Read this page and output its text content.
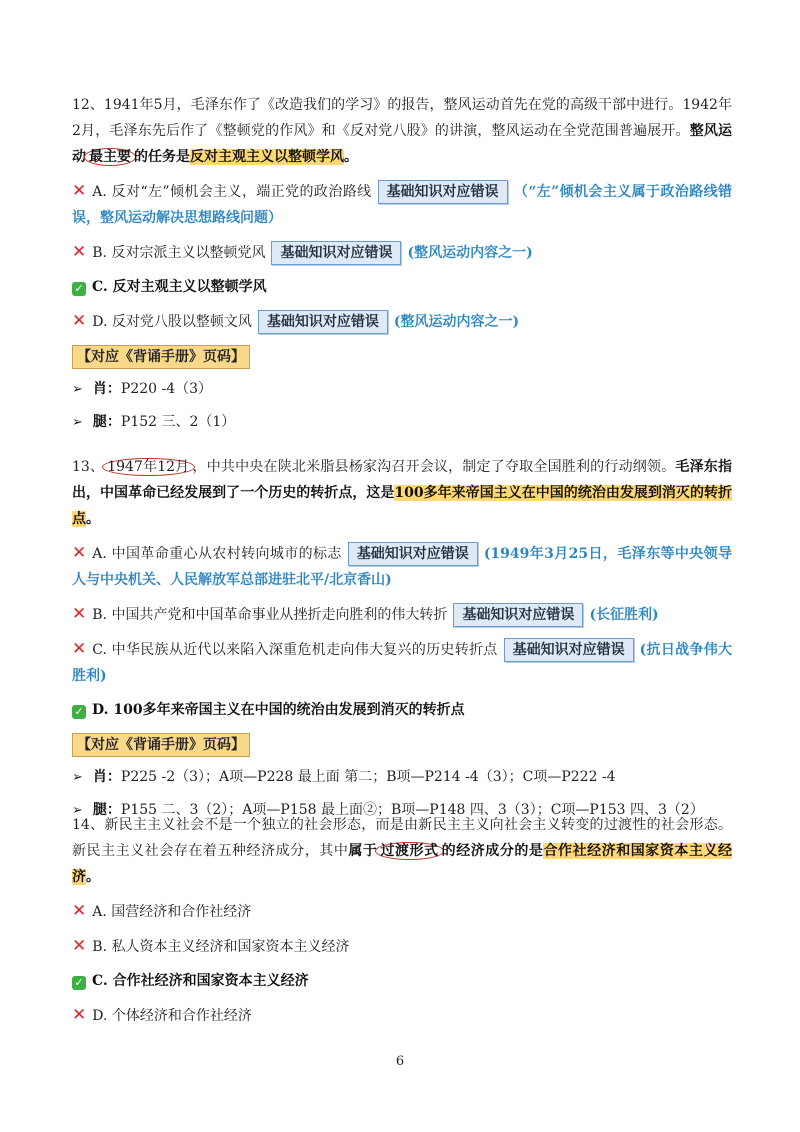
12、1941年5月，毛泽东作了《改造我们的学习》的报告，整风运动首先在党的高级干部中进行。1942年2月，毛泽东先后作了《整顿党的作风》和《反对党八股》的讲演，整风运动在全党范围普遍展开。整风运动 最主要 的任务是反对主观主义以整顿学风。

✕ A. 反对“左”倾机会主义，端正党的政治路线 基础知识对应错误 （“左”倾机会主义属于政治路线错误，整风运动解决思想路线问题）
✕ B. 反对宗派主义以整顿党风 基础知识对应错误 (整风运动内容之一)
✓ C. 反对主观主义以整顿学风
✕ D. 反对党八股以整顿文风 基础知识对应错误 (整风运动内容之一)
【对应《背诵手册》页码】
➢ 肖：P220 -4（3）
➢ 腿：P152 三、2（1）

13、 1947年12月 ，中共中央在陕北米脂县杨家沟召开会议，制定了夺取全国胜利的行动纲领。毛泽东指出，中国革命已经发展到了一个历史的转折点，这是100多年来帝国主义在中国的统治由发展到消灭的转折点。

✕ A. 中国革命重心从农村转向城市的标志 基础知识对应错误 (1949年3月25日，毛泽东等中央领导人与中央机关、人民解放军总部进驻北平/北京香山)
✕ B. 中国共产党和中国革命事业从挫折走向胜利的伟大转折 基础知识对应错误 (长征胜利)
✕ C. 中华民族从近代以来陷入深重危机走向伟大复兴的历史转折点 基础知识对应错误 (抗日战争伟大胜利)
✓ D. 100多年来帝国主义在中国的统治由发展到消灭的转折点
【对应《背诵手册》页码】
➢ 肖：P225 -2（3）；A项—P228 最上面 第二；B项—P214 -4（3）；C项—P222 -4
➢ 腿：P155 二、3（2）；A项—P158 最上面②；B项—P148 四、3（3）；C项—P153 四、3（2）

14、新民主主义社会不是一个独立的社会形态，而是由新民主主义向社会主义转变的过渡性的社会形态。新民主主义社会存在着五种经济成分，其中属于 过渡形式 的经济成分的是合作社经济和国家资本主义经济。

✕ A. 国营经济和合作社经济
✕ B. 私人资本主义经济和国家资本主义经济
✓ C. 合作社经济和国家资本主义经济
✕ D. 个体经济和合作社经济
6
